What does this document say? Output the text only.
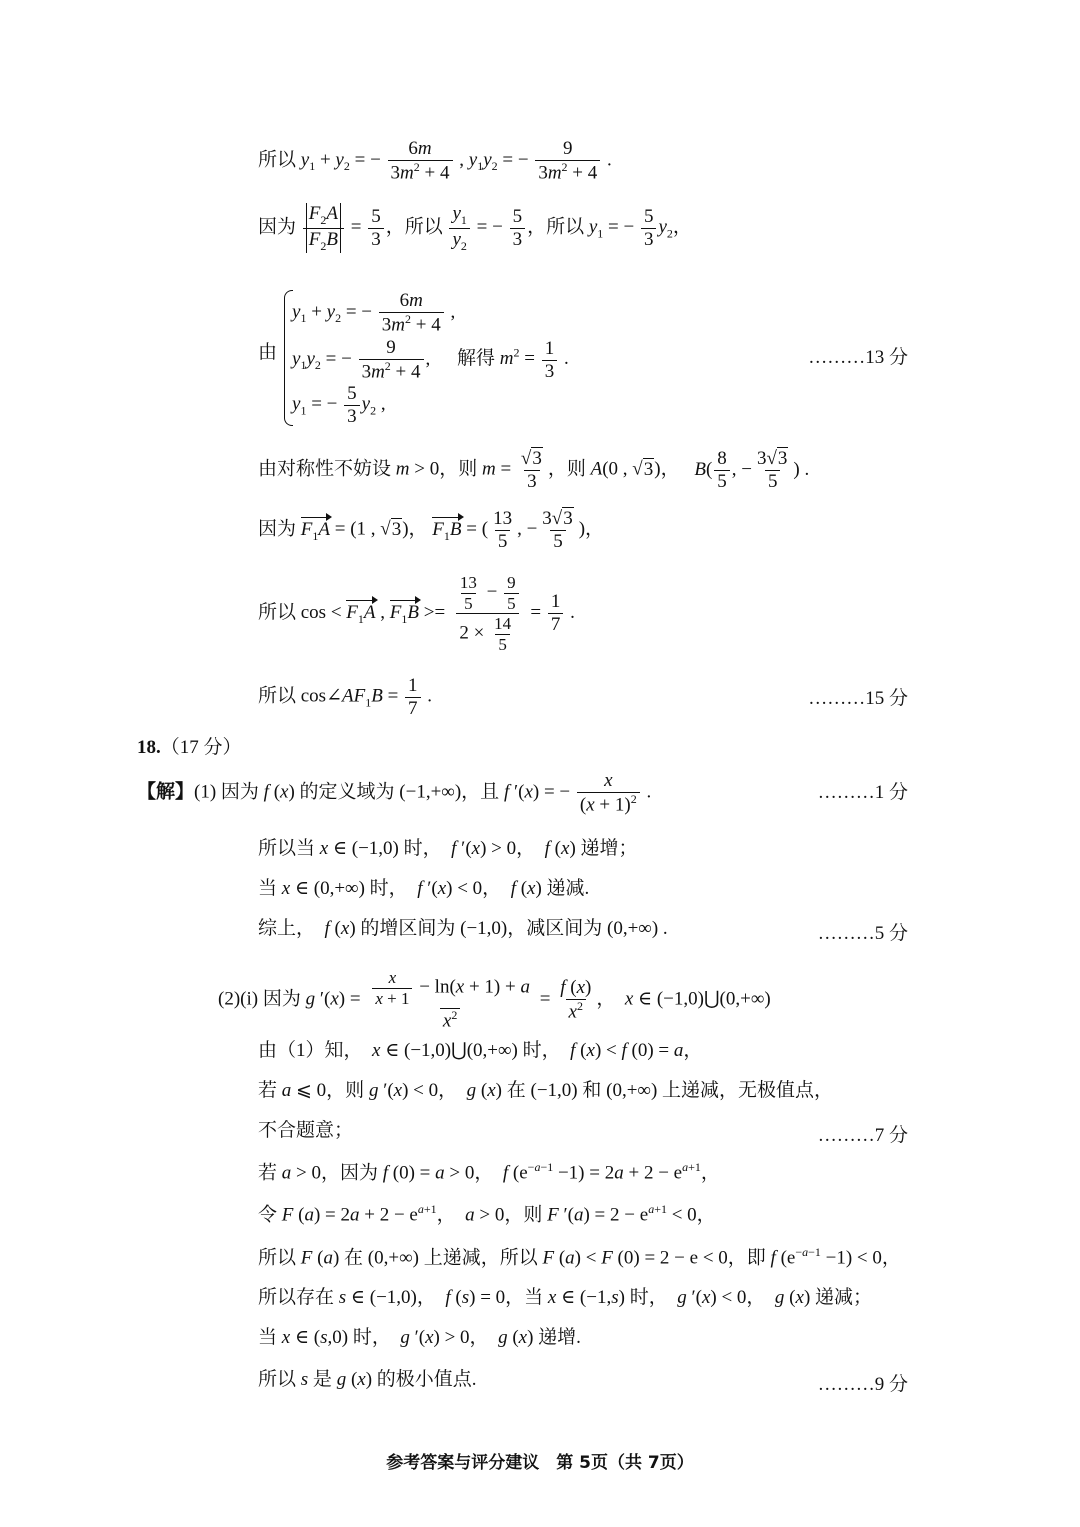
所以 $y_1 + y_2$ = − $\frac{6m}{3m^2 + 4}$ , $y_1y_2$ = − $\frac{9}{3m^2 + 4}$ .
因为 $\frac{F_2A}{F_2B} = \frac{5}{3}$ ，所以 $\frac{y_1}{y_2}$ = − $\frac{5}{3}$ ，所以 $y_1$ = − $\frac{5}{3} y_2$，
由
$y_1 + y_2$ = − $\frac{6m}{3m^2 + 4}$ ,
$y_1y_2$ = − $\frac{9}{3m^2 + 4}$ , 解得 $m^2 = \frac{1}{3}$ .
$y_1$ = − $\frac{5}{3} y_2$ ,
………13 分
由对称性不妨设 m > 0，则 $m = \frac{√3}{3}$ ，则 A(0 , √3)， $B( \frac{8}{5}$ , − $\frac{3√3}{5}$ ) .
因为 $F_1A = (1$ , √3)， $F_1B$ = ( $\frac{13}{5}$ , − $\frac{3√3}{5}$ )，
所以 $\cos < F_1A$ , $F_1B >= \frac{\frac{13}{5} - \frac{9}{5}}{2 \times \frac{14}{5}} = \frac{1}{7}$ .
所以 $\cos\angle AF_1B = \frac{1}{7}$ .	………15 分
18.（17 分）
【解】(1) 因为 f (x) 的定义域为 (−1,+∞)，且 f ′(x) = − $\frac{x}{(x + 1)^2}$ .	………1 分
所以当 x ∈ (−1,0) 时，　f ′(x) > 0，　f (x) 递增；
当 x ∈ (0,+∞) 时，　f ′(x) < 0，　f (x) 递减.
综上，　f (x) 的增区间为 (−1,0)，减区间为 (0,+∞) .	………5 分
(2)(i) 因为 g $'(x) = \frac{\frac{x}{x + 1} - \ln(x + 1) + a}{x^2} = \frac{f (x)}{x^2}$ ，　x ∈ (−1,0)⋃(0,+∞)
由（1）知，　x ∈ (−1,0)⋃(0,+∞) 时，　f (x) < f (0) = a，
若 a ⩽ 0，则 g ′(x) < 0，　g (x) 在 (−1,0) 和 (0,+∞) 上递减，无极值点，
不合题意；	………7 分
若 a > 0，因为 f (0) = a > 0，　f $(e^{-a-1} -1) = 2a + 2 - e^{a+1}$，
令 F $(a) = 2a + 2 - e^{a+1}$，　a > 0，则 F $'(a) = 2 - e^{a+1} < 0$，
所以 F (a) 在 (0,+∞) 上递减，所以 F (a) < F (0) = 2 − e < 0，即 f $(e^{-a-1} -1) < 0$，
所以存在 s ∈ (−1,0)，　f (s) = 0，当 x ∈ (−1,s) 时，　g ′(x) < 0，　g (x) 递减；
当 x ∈ (s,0) 时，　g ′(x) > 0，　g (x) 递增.
所以 s 是 g (x) 的极小值点.	………9 分
参考答案与评分建议　第 5页（共 7页）
